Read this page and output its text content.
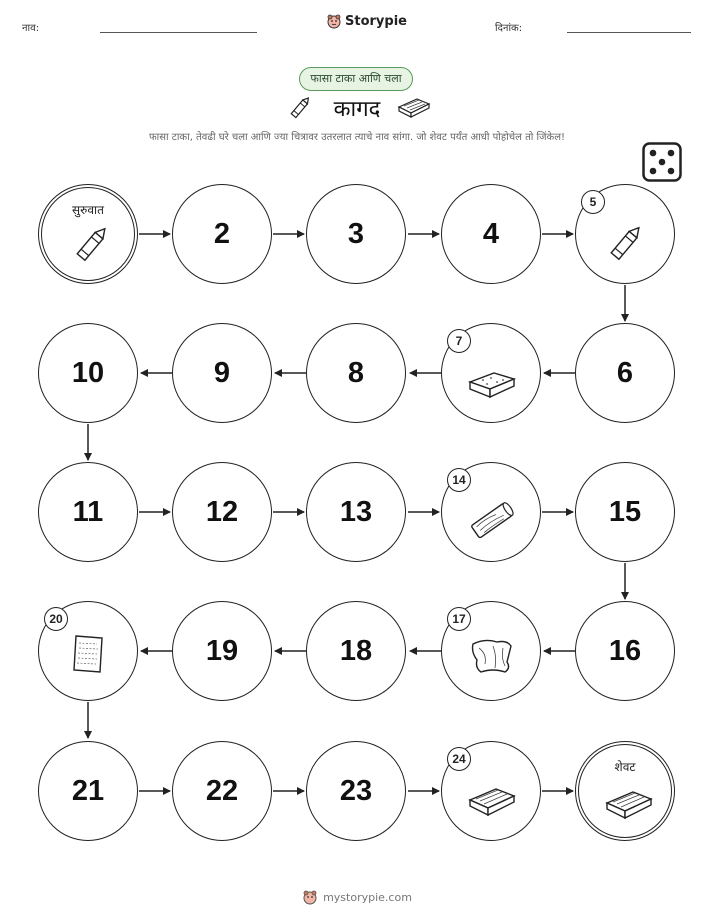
नाव:	Storypie	दिनांक:
फासा टाका आणि चला
कागद
फासा टाका, तेवढी घरे चला आणि ज्या चित्रावर उतरलात त्याचे नाव सांगा. जो शेवट पर्यंत आधी पोहोचेल तो जिंकेल!
सुरुवात
2	3	4
5
10	9	8
7
6
11	12	13
14
15
20
19	18
17
16
21	22	23
24
शेवट
mystorypie.com
